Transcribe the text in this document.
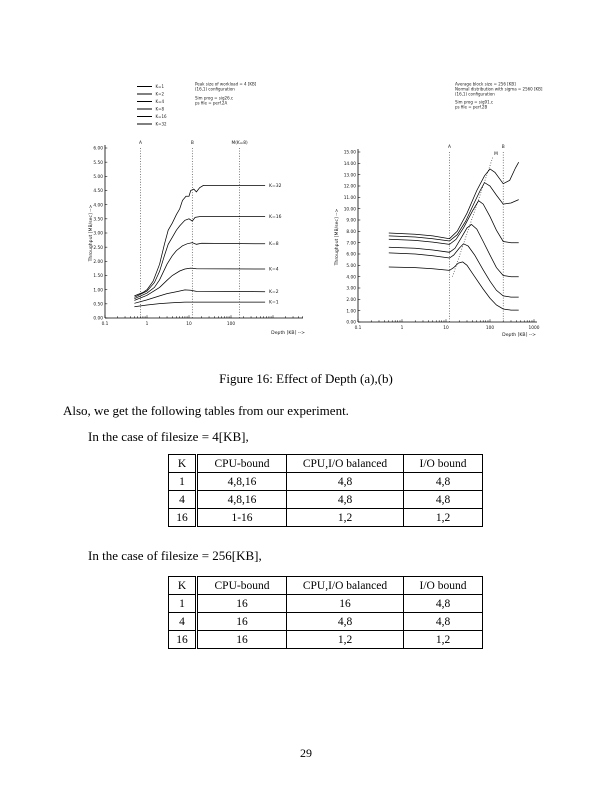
0.00
0.50
1.00
1.50
2.00
2.50
3.00
3.50
4.00
4.50
5.00
5.50
6.00
0.1	1	10	100
Throughput [MB/sec] -->
Depth [KB] -->
K=1
K=2
K=4
K=8
K=16
K=32
Peak size of workload = 4 [KB]
(16,1) configuration
Sim prog = sig26.c
ps file = perf.2A
A	B	M(K=8)
K=32
K=16
K=8
K=4
K=2
K=1
0.00
1.00
2.00
3.00
4.00
5.00
6.00
7.00
8.00
9.00
10.00
11.00
12.00
13.00
14.00
15.00
0.1	1	10	100	1000
Throughput [MB/sec] -->
Depth [KB] -->
Average block size = 256 [KB]
Normal distribution with sigma = 2560 [KB]
(16,1) configuration
Sim prog = sig91.c
ps file = perf.2B
A	B
M
Figure 16: Effect of Depth (a),(b)
Also, we get the following tables from our experiment.
In the case of filesize = 4[KB],
K	CPU-bound	CPU,I/O balanced	I/O bound
1	4,8,16	4,8	4,8
4	4,8,16	4,8	4,8
16	1-16	1,2	1,2
In the case of filesize = 256[KB],
K	CPU-bound	CPU,I/O balanced	I/O bound
1	16	16	4,8
4	16	4,8	4,8
16	16	1,2	1,2
29
